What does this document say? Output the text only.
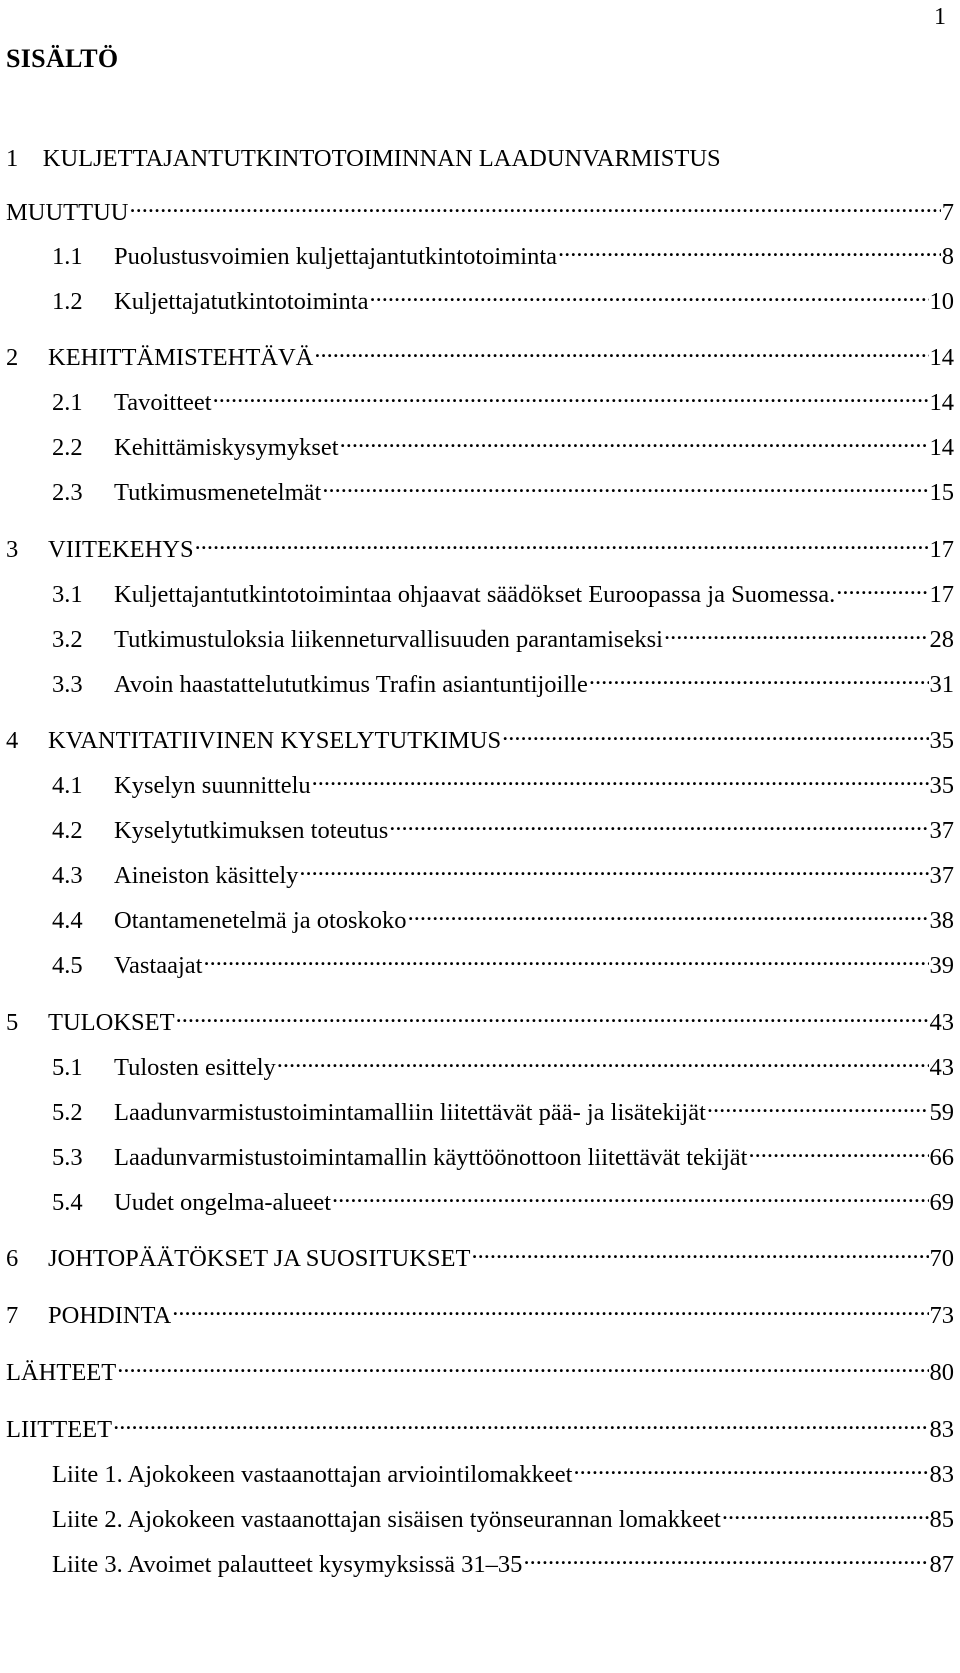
1
SISÄLTÖ
1    KULJETTAJANTUTKINTOTOIMINNAN LAADUNVARMISTUS
MUUTTUU .....	7
1.1	Puolustusvoimien kuljettajantutkintotoiminta .....	8
1.2	Kuljettajatutkintotoiminta .....	10
2	KEHITTÄMISTEHTÄVÄ .....	14
2.1	Tavoitteet .....	14
2.2	Kehittämiskysymykset .....	14
2.3	Tutkimusmenetelmät .....	15
3	VIITEKEHYS .....	17
3.1	Kuljettajantutkintotoimintaa ohjaavat säädökset Euroopassa ja Suomessa. .....	17
3.2	Tutkimustuloksia liikenneturvallisuuden parantamiseksi .....	28
3.3	Avoin haastattelututkimus Trafin asiantuntijoille .....	31
4	KVANTITATIIVINEN KYSELYTUTKIMUS .....	35
4.1	Kyselyn suunnittelu .....	35
4.2	Kyselytutkimuksen toteutus .....	37
4.3	Aineiston käsittely .....	37
4.4	Otantamenetelmä ja otoskoko .....	38
4.5	Vastaajat .....	39
5	TULOKSET .....	43
5.1	Tulosten esittely .....	43
5.2	Laadunvarmistustoimintamalliin liitettävät pää- ja lisätekijät .....	59
5.3	Laadunvarmistustoimintamallin käyttöönottoon liitettävät tekijät .....	66
5.4	Uudet ongelma-alueet .....	69
6	JOHTOPÄÄTÖKSET JA SUOSITUKSET .....	70
7	POHDINTA .....	73
LÄHTEET .....	80
LIITTEET .....	83
Liite 1. Ajokokeen vastaanottajan arviointilomakkeet .....	83
Liite 2. Ajokokeen vastaanottajan sisäisen työnseurannan lomakkeet .....	85
Liite 3. Avoimet palautteet kysymyksissä 31–35 .....	87
